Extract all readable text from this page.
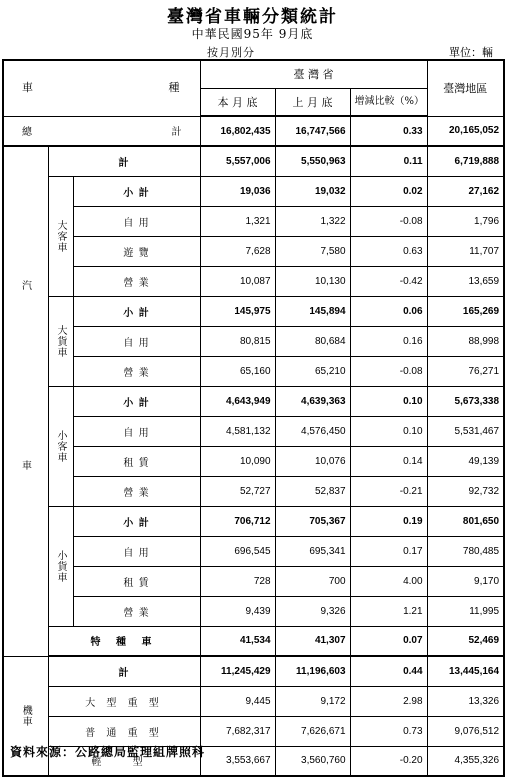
臺灣省車輛分類統計
中華民國95年 9月底
按月別分	單位：輛
車 種			臺 灣 省			臺灣地區
			本 月 底	上 月 底	增減比較（%）	

總 計			16,802,435	16,747,566	0.33	20,165,052

汽
車	計		5,557,006	5,550,963	0.11	6,719,888
	大客車	小 計	19,036	19,032	0.02	27,162
		自 用	1,321	1,322	-0.08	1,796
		遊 覽	7,628	7,580	0.63	11,707
		營 業	10,087	10,130	-0.42	13,659
	大貨車	小 計	145,975	145,894	0.06	165,269
		自 用	80,815	80,684	0.16	88,998
		營 業	65,160	65,210	-0.08	76,271
	小客車	小 計	4,643,949	4,639,363	0.10	5,673,338
		自 用	4,581,132	4,576,450	0.10	5,531,467
		租 賃	10,090	10,076	0.14	49,139
		營 業	52,727	52,837	-0.21	92,732
	小貨車	小 計	706,712	705,367	0.19	801,650
		自 用	696,545	695,341	0.17	780,485
		租 賃	728	700	4.00	9,170
		營 業	9,439	9,326	1.21	11,995
	特 種 車		41,534	41,307	0.07	52,469
機車	計		11,245,429	11,196,603	0.44	13,445,164
	大 型 重 型		9,445	9,172	2.98	13,326
	普 通 重 型		7,682,317	7,626,671	0.73	9,076,512
	輕 型		3,553,667	3,560,760	-0.20	4,355,326
資料來源：公路總局監理組牌照科
